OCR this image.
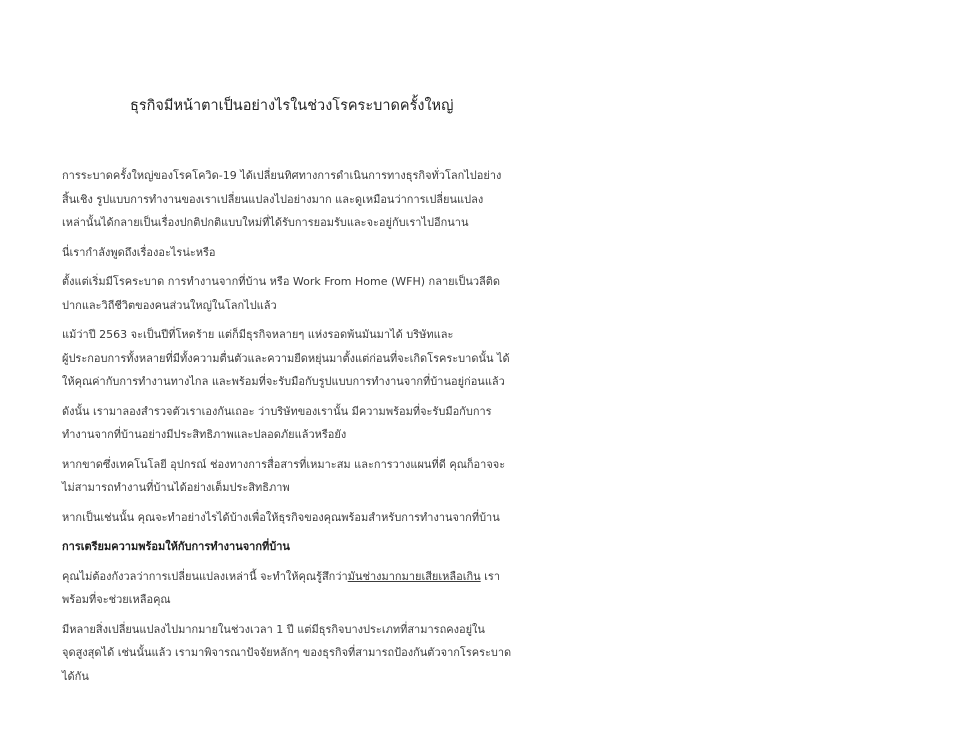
ธุรกิจมีหน้าตาเป็นอย่างไรในช่วงโรคระบาดครั้งใหญ่

การระบาดครั้งใหญ่ของโรคโควิด-19 ได้เปลี่ยนทิศทางการดำเนินการทางธุรกิจทั่วโลกไปอย่าง
สิ้นเชิง รูปแบบการทำงานของเราเปลี่ยนแปลงไปอย่างมาก และดูเหมือนว่าการเปลี่ยนแปลง
เหล่านั้นได้กลายเป็นเรื่องปกติปกติแบบใหม่ที่ได้รับการยอมรับและจะอยู่กับเราไปอีกนาน

นี่เรากำลังพูดถึงเรื่องอะไรน่ะหรือ

ตั้งแต่เริ่มมีโรคระบาด การทำงานจากที่บ้าน หรือ Work From Home (WFH) กลายเป็นวลีติด
ปากและวิถีชีวิตของคนส่วนใหญ่ในโลกไปแล้ว

แม้ว่าปี 2563 จะเป็นปีที่โหดร้าย แต่ก็มีธุรกิจหลายๆ แห่งรอดพ้นมันมาได้ บริษัทและ
ผู้ประกอบการทั้งหลายที่มีทั้งความตื่นตัวและความยืดหยุ่นมาตั้งแต่ก่อนที่จะเกิดโรคระบาดนั้น ได้
ให้คุณค่ากับการทำงานทางไกล และพร้อมที่จะรับมือกับรูปแบบการทำงานจากที่บ้านอยู่ก่อนแล้ว

ดังนั้น เรามาลองสำรวจตัวเราเองกันเถอะ ว่าบริษัทของเรานั้น มีความพร้อมที่จะรับมือกับการ
ทำงานจากที่บ้านอย่างมีประสิทธิภาพและปลอดภัยแล้วหรือยัง

หากขาดซึ่งเทคโนโลยี อุปกรณ์ ช่องทางการสื่อสารที่เหมาะสม และการวางแผนที่ดี คุณก็อาจจะ
ไม่สามารถทำงานที่บ้านได้อย่างเต็มประสิทธิภาพ

หากเป็นเช่นนั้น คุณจะทำอย่างไรได้บ้างเพื่อให้ธุรกิจของคุณพร้อมสำหรับการทำงานจากที่บ้าน

การเตรียมความพร้อมให้กับการทำงานจากที่บ้าน

คุณไม่ต้องกังวลว่าการเปลี่ยนแปลงเหล่านี้ จะทำให้คุณรู้สึกว่ามันช่างมากมายเสียเหลือเกิน เรา
พร้อมที่จะช่วยเหลือคุณ

มีหลายสิ่งเปลี่ยนแปลงไปมากมายในช่วงเวลา 1 ปี แต่มีธุรกิจบางประเภทที่สามารถคงอยู่ใน
จุดสูงสุดได้ เช่นนั้นแล้ว เรามาพิจารณาปัจจัยหลักๆ ของธุรกิจที่สามารถป้องกันตัวจากโรคระบาด
ได้กัน
